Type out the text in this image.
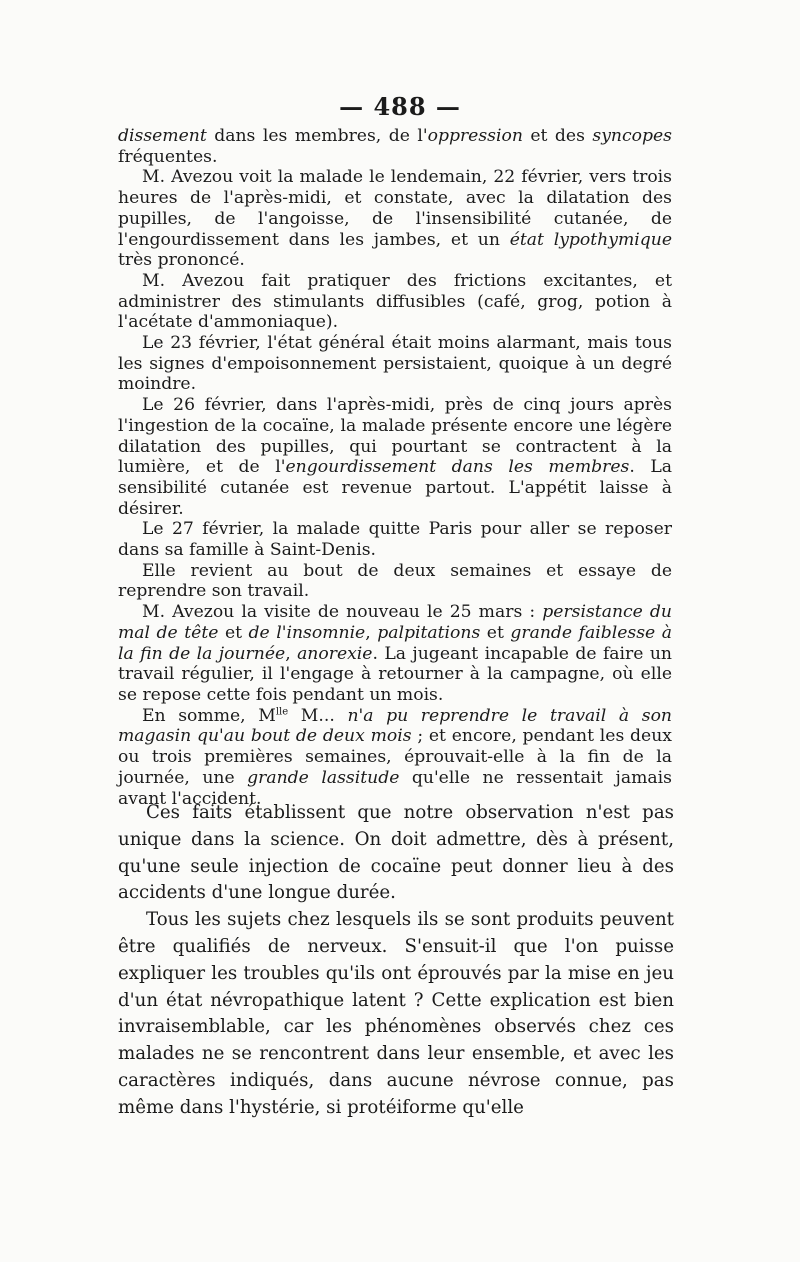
— 488 —

dissement dans les membres, de l'oppression et des syncopes fréquentes.

M. Avezou voit la malade le lendemain, 22 février, vers trois heures de l'après-midi, et constate, avec la dilatation des pupilles, de l'angoisse, de l'insensibilité cutanée, de l'engourdissement dans les jambes, et un état lypothymique très prononcé.

M. Avezou fait pratiquer des frictions excitantes, et administrer des stimulants diffusibles (café, grog, potion à l'acétate d'ammoniaque).

Le 23 février, l'état général était moins alarmant, mais tous les signes d'empoisonnement persistaient, quoique à un degré moindre.

Le 26 février, dans l'après-midi, près de cinq jours après l'ingestion de la cocaïne, la malade présente encore une légère dilatation des pupilles, qui pourtant se contractent à la lumière, et de l'engourdissement dans les membres. La sensibilité cutanée est revenue partout. L'appétit laisse à désirer.

Le 27 février, la malade quitte Paris pour aller se reposer dans sa famille à Saint-Denis.

Elle revient au bout de deux semaines et essaye de reprendre son travail.

M. Avezou la visite de nouveau le 25 mars : persistance du mal de tête et de l'insomnie, palpitations et grande faiblesse à la fin de la journée, anorexie. La jugeant incapable de faire un travail régulier, il l'engage à retourner à la campagne, où elle se repose cette fois pendant un mois.

En somme, $M^{lle}$ M... n'a pu reprendre le travail à son magasin qu'au bout de deux mois ; et encore, pendant les deux ou trois premières semaines, éprouvait-elle à la fin de la journée, une grande lassitude qu'elle ne ressentait jamais avant l'accident.

Ces faits établissent que notre observation n'est pas unique dans la science. On doit admettre, dès à présent, qu'une seule injection de cocaïne peut donner lieu à des accidents d'une longue durée.

Tous les sujets chez lesquels ils se sont produits peuvent être qualifiés de nerveux. S'ensuit-il que l'on puisse expliquer les troubles qu'ils ont éprouvés par la mise en jeu d'un état névropathique latent ? Cette explication est bien invraisemblable, car les phénomènes observés chez ces malades ne se rencontrent dans leur ensemble, et avec les caractères indiqués, dans aucune névrose connue, pas même dans l'hystérie, si protéiforme qu'elle
